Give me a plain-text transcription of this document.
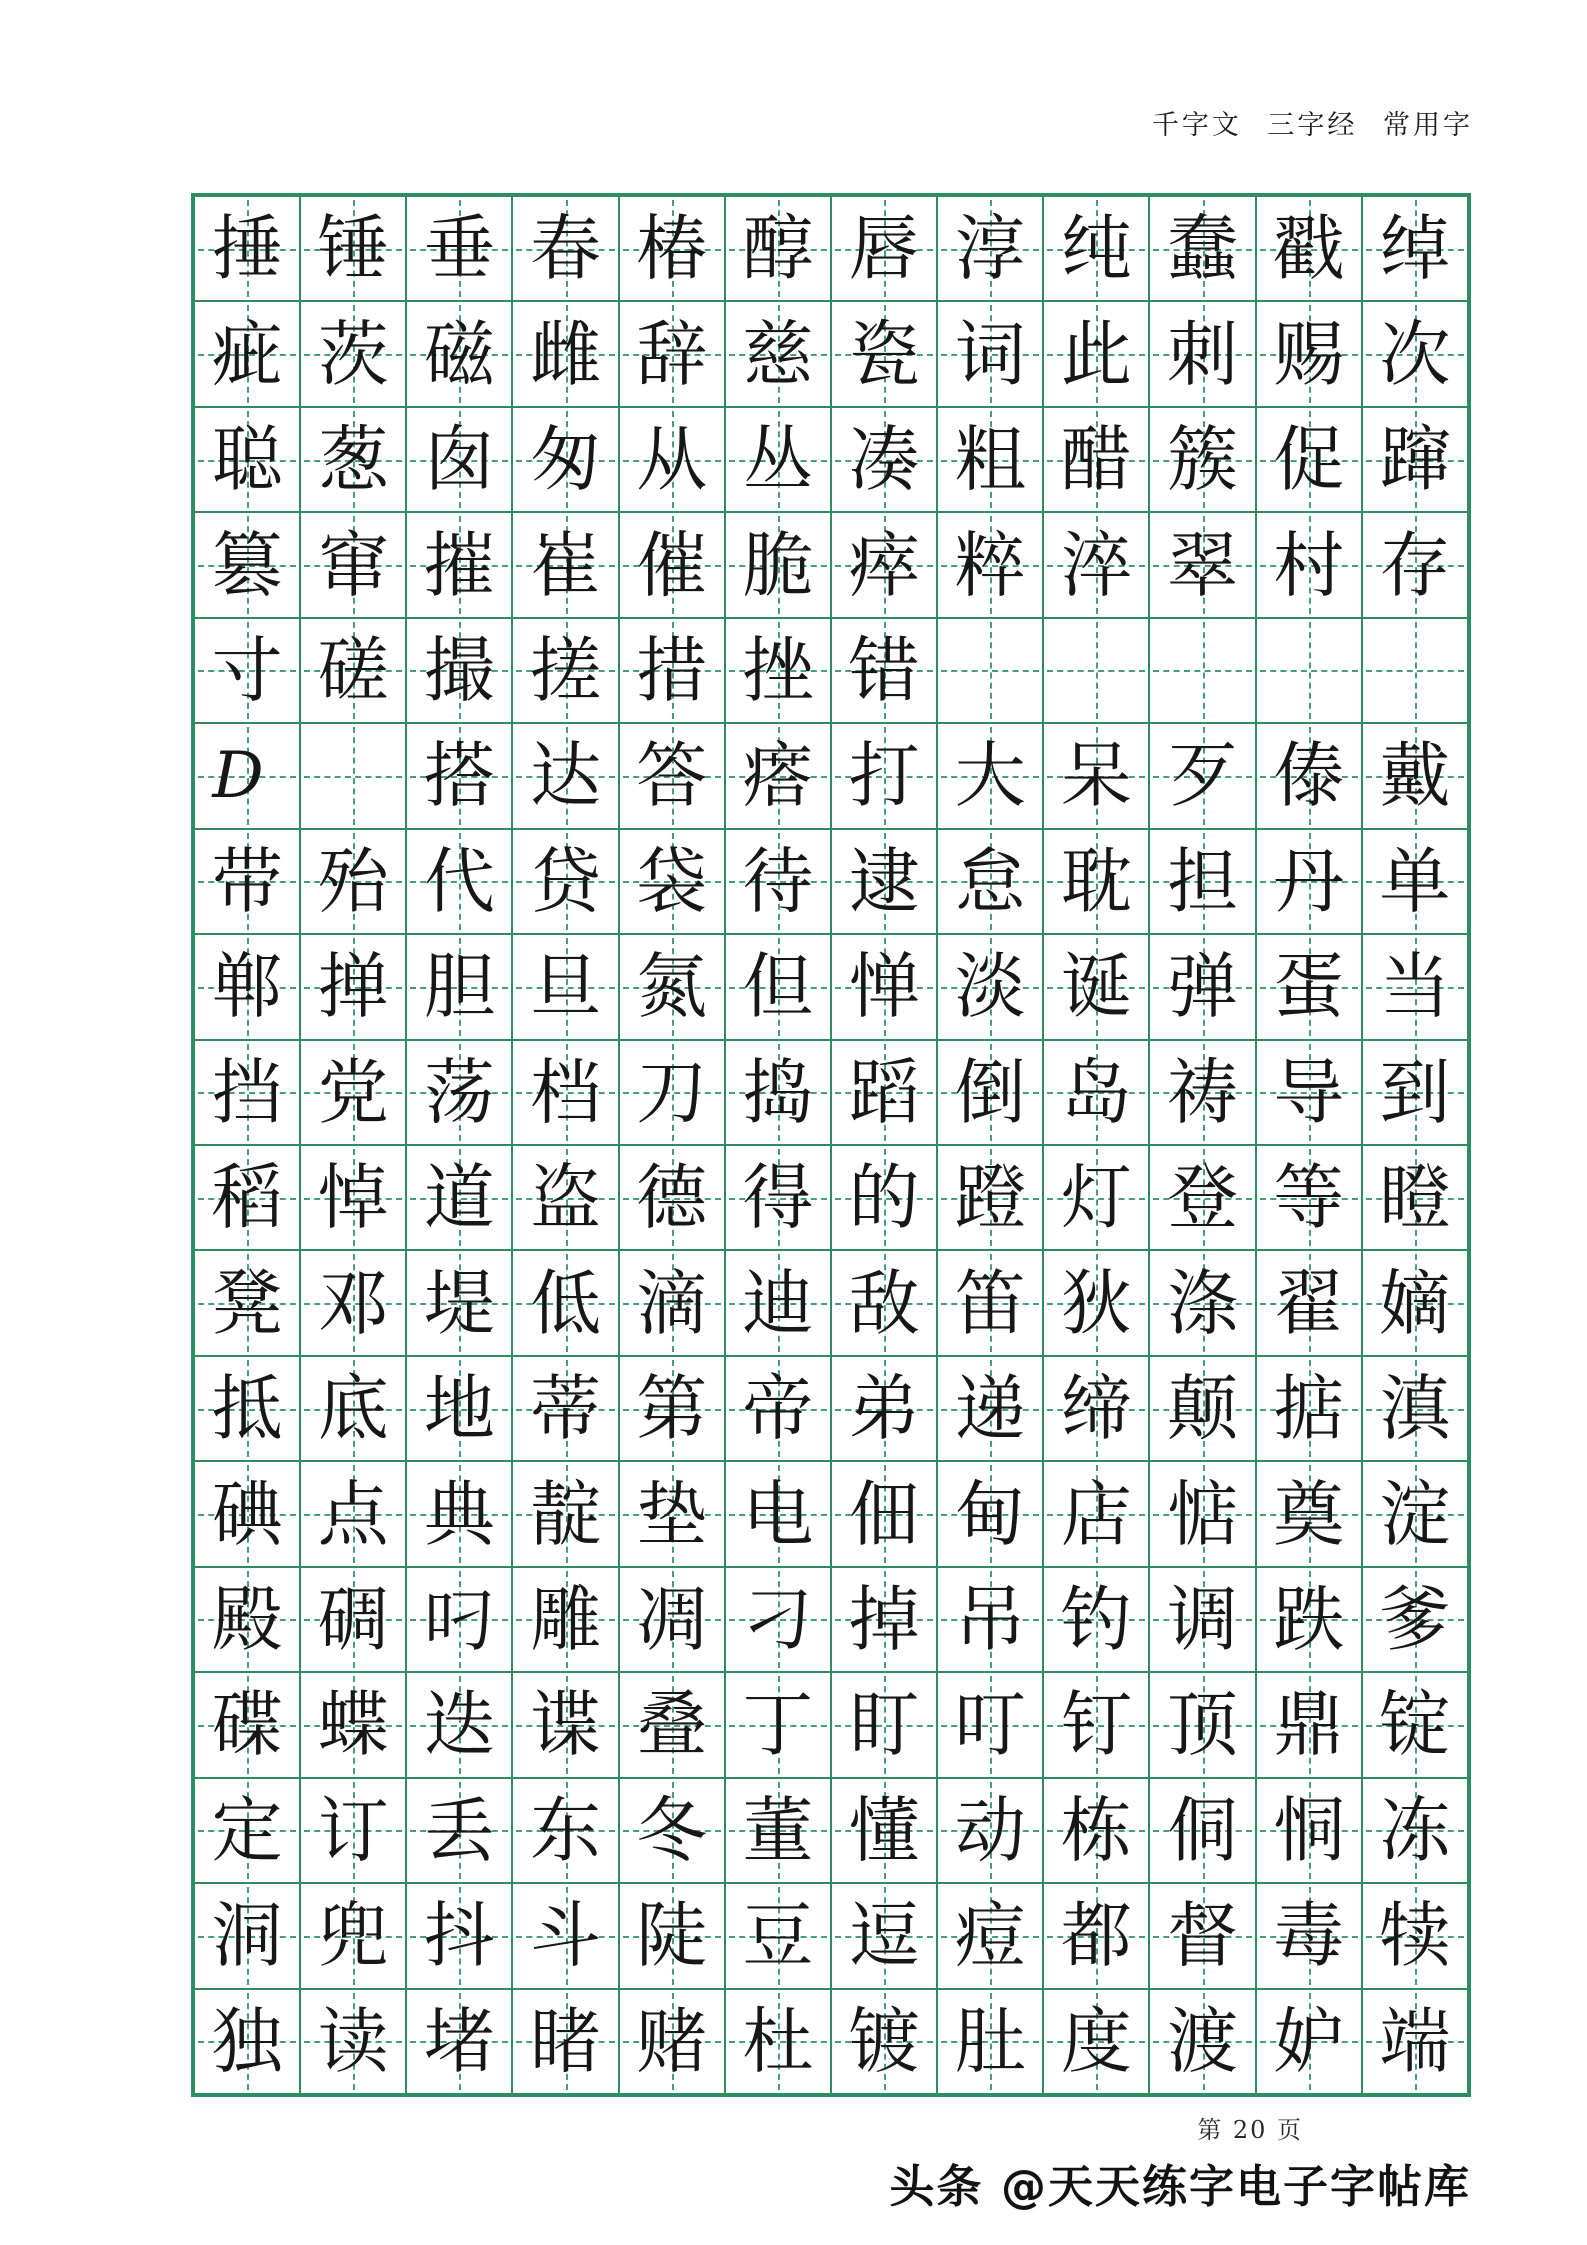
千字文 三字经 常用字
捶 锤 垂 春 椿 醇 唇 淳 纯 蠢 戳 绰
疵 茨 磁 雌 辞 慈 瓷 词 此 刺 赐 次
聪 葱 囱 匆 从 丛 凑 粗 醋 簇 促 蹿
篡 窜 摧 崔 催 脆 瘁 粹 淬 翠 村 存
寸 磋 撮 搓 措 挫 错
D 搭 达 答 瘩 打 大 呆 歹 傣 戴
带 殆 代 贷 袋 待 逮 怠 耽 担 丹 单
郸 掸 胆 旦 氮 但 惮 淡 诞 弹 蛋 当
挡 党 荡 档 刀 捣 蹈 倒 岛 祷 导 到
稻 悼 道 盗 德 得 的 蹬 灯 登 等 瞪
凳 邓 堤 低 滴 迪 敌 笛 狄 涤 翟 嫡
抵 底 地 蒂 第 帝 弟 递 缔 颠 掂 滇
碘 点 典 靛 垫 电 佃 甸 店 惦 奠 淀
殿 碉 叼 雕 凋 刁 掉 吊 钓 调 跌 爹
碟 蝶 迭 谍 叠 丁 盯 叮 钉 顶 鼎 锭
定 订 丢 东 冬 董 懂 动 栋 侗 恫 冻
洞 兜 抖 斗 陡 豆 逗 痘 都 督 毒 犊
独 读 堵 睹 赌 杜 镀 肚 度 渡 妒 端
第 20 页
头条 @天天练字电子字帖库
